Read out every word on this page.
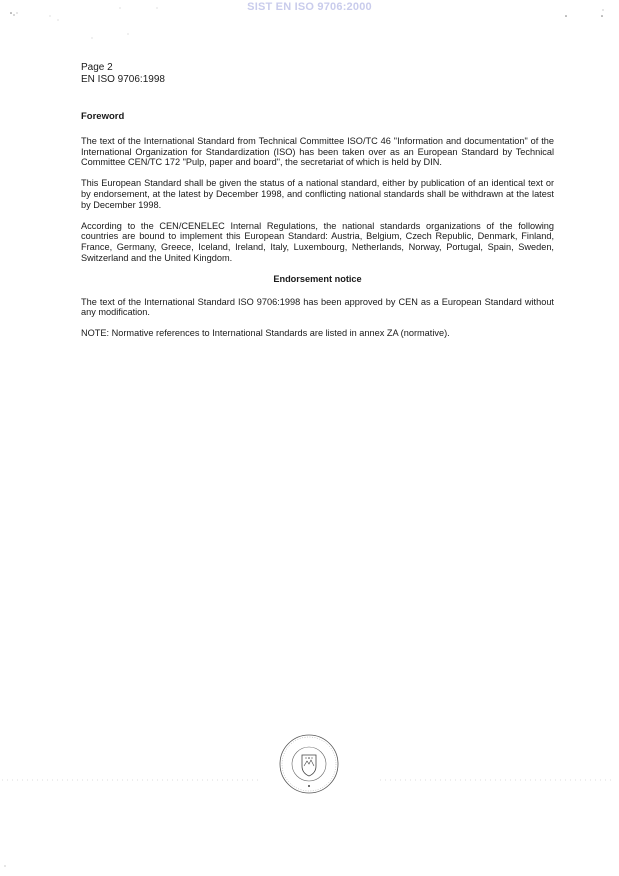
SIST EN ISO 9706:2000
Page 2
EN ISO 9706:1998
Foreword

The text of the International Standard from Technical Committee ISO/TC 46 "Information and documentation" of the International Organization for Standardization (ISO) has been taken over as an European Standard by Technical Committee CEN/TC 172 "Pulp, paper and board", the secretariat of which is held by DIN.

This European Standard shall be given the status of a national standard, either by publication of an identical text or by endorsement, at the latest by December 1998, and conflicting national standards shall be withdrawn at the latest by December 1998.

According to the CEN/CENELEC Internal Regulations, the national standards organizations of the following countries are bound to implement this European Standard: Austria, Belgium, Czech Republic, Denmark, Finland, France, Germany, Greece, Iceland, Ireland, Italy, Luxembourg, Netherlands, Norway, Portugal, Spain, Sweden, Switzerland and the United Kingdom.

Endorsement notice

The text of the International Standard ISO 9706:1998 has been approved by CEN as a European Standard without any modification.

NOTE: Normative references to International Standards are listed in annex ZA (normative).
